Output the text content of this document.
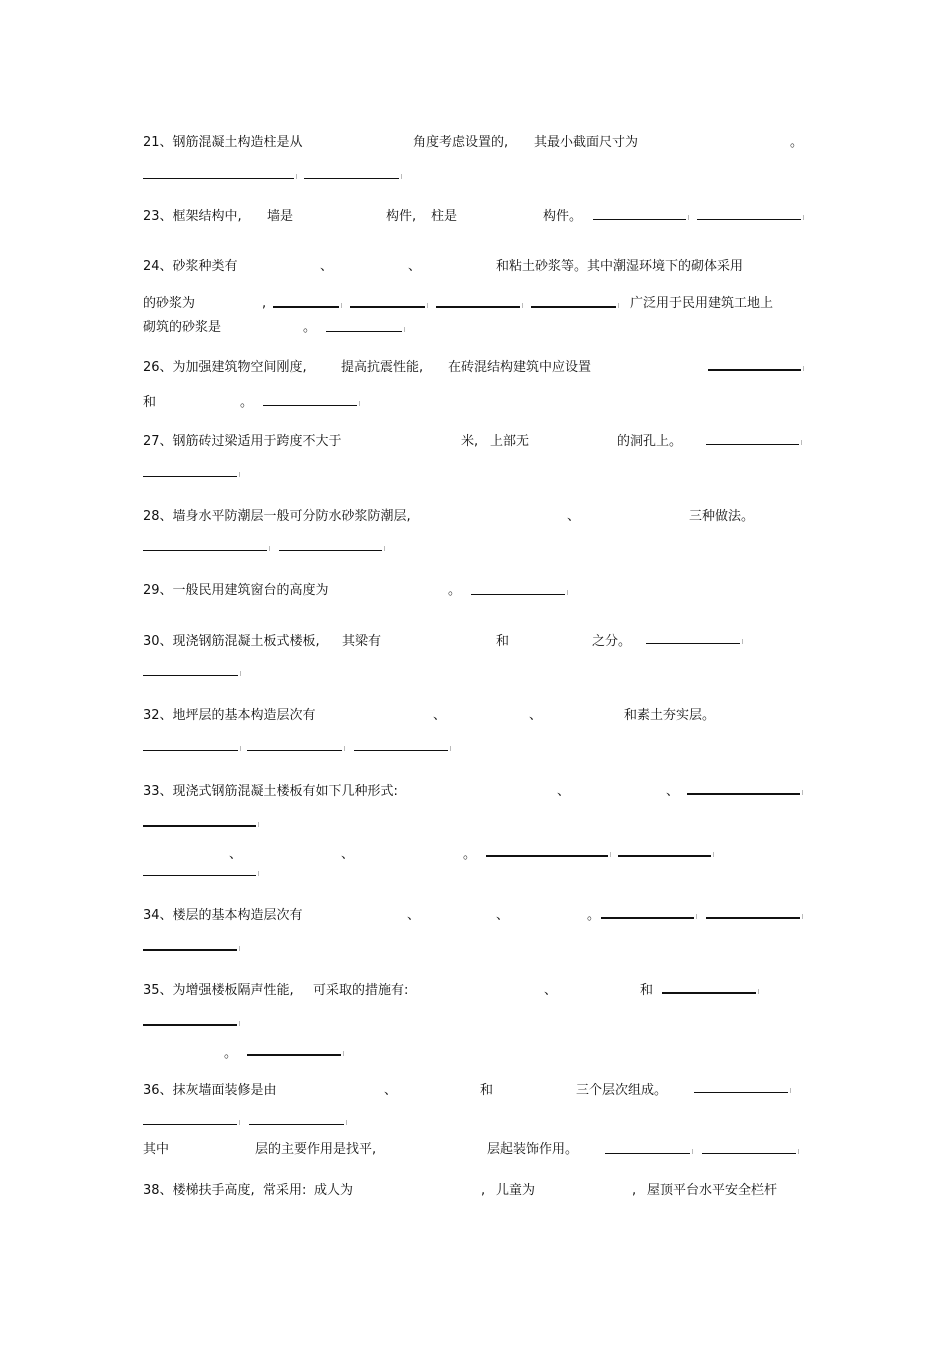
21、钢筋混凝土构造柱是从	角度考虑设置的, 其最小截面尺寸为	。
23、框架结构中, 墙是	构件, 柱是	构件。
24、砂浆种类有	、	、	和粘土砂浆等。其中潮湿环境下的砌体采用
的砂浆为	,	广泛用于民用建筑工地上
砌筑的砂浆是	。
26、为加强建筑物空间刚度,	提高抗震性能, 在砖混结构建筑中应设置
和	。
27、钢筋砖过梁适用于跨度不大于	米, 上部无	的洞孔上。
28、墙身水平防潮层一般可分防水砂浆防潮层,	、	三种做法。
29、一般民用建筑窗台的高度为	。
30、现浇钢筋混凝土板式楼板, 其梁有	和	之分。
32、地坪层的基本构造层次有	、	、	和素土夯实层。
33、现浇式钢筋混凝土楼板有如下几种形式:	、	、
、	、	。
34、楼层的基本构造层次有	、	、	。
35、为增强楼板隔声性能, 可采取的措施有:	、	和
。
36、抹灰墙面装修是由	、	和	三个层次组成。
其中	层的主要作用是找平,	层起装饰作用。
38、楼梯扶手高度, 常采用: 成人为	, 儿童为	, 屋顶平台水平安全栏杆
